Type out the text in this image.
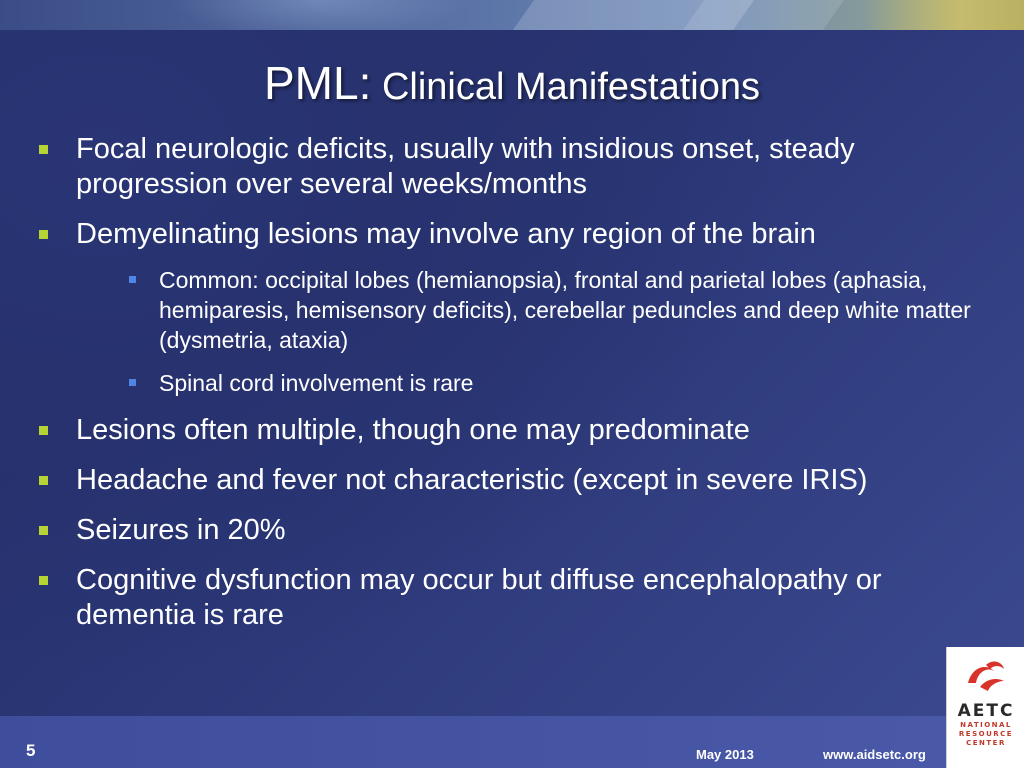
PML: Clinical Manifestations
Focal neurologic deficits, usually with insidious onset, steady progression over several weeks/months
Demyelinating lesions may involve any region of the brain
Common: occipital lobes (hemianopsia), frontal and parietal lobes (aphasia, hemiparesis, hemisensory deficits), cerebellar peduncles and deep white matter (dysmetria, ataxia)
Spinal cord involvement is rare
Lesions often multiple, though one may predominate
Headache and fever not characteristic (except in severe IRIS)
Seizures in 20%
Cognitive dysfunction may occur but diffuse encephalopathy or dementia is rare
5	May 2013	www.aidsetc.org
AETC
NATIONAL
RESOURCE
CENTER
